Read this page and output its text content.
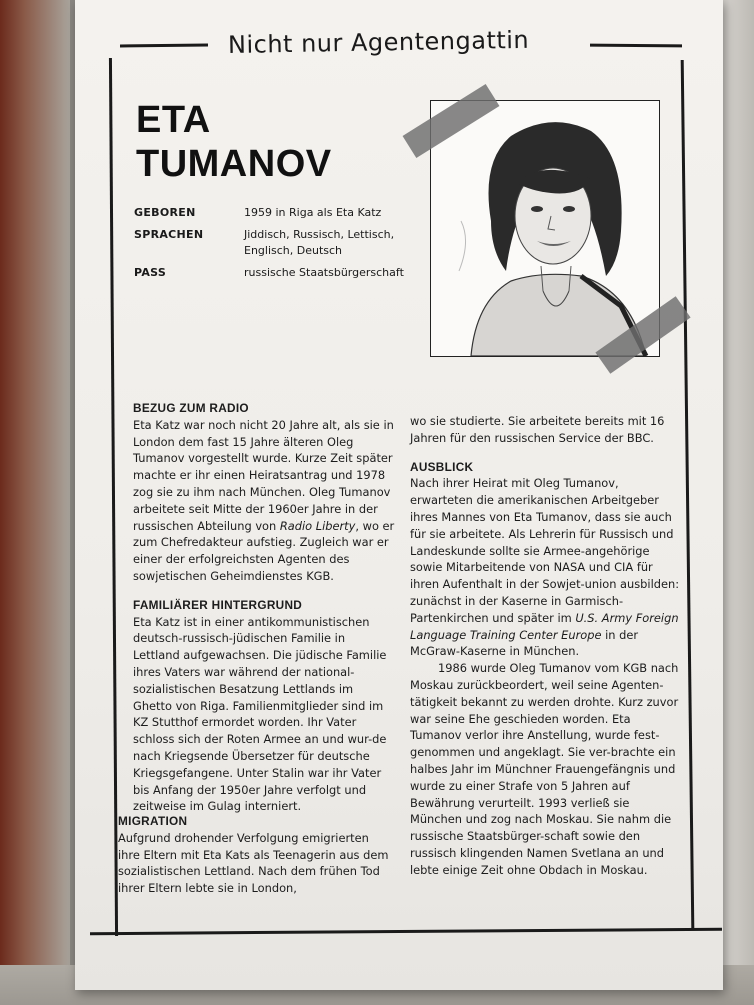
Nicht nur Agentengattin
ETA
TUMANOV
GEBOREN	1959 in Riga als Eta Katz
SPRACHEN	Jiddisch, Russisch, Lettisch, Englisch, Deutsch
PASS	russische Staatsbürgerschaft
BEZUG ZUM RADIO

Eta Katz war noch nicht 20 Jahre alt, als sie in London dem fast 15 Jahre älteren Oleg Tumanov vorgestellt wurde. Kurze Zeit später machte er ihr einen Heiratsantrag und 1978 zog sie zu ihm nach München. Oleg Tumanov arbeitete seit Mitte der 1960er Jahre in der russischen Abteilung von Radio Liberty, wo er zum Chefredakteur aufstieg. Zugleich war er einer der erfolgreichsten Agenten des sowjetischen Geheimdienstes KGB.

FAMILIÄRER HINTERGRUND

Eta Katz ist in einer antikommunistischen deutsch-russisch-jüdischen Familie in Lettland aufgewachsen. Die jüdische Familie ihres Vaters war während der national-sozialistischen Besatzung Lettlands im Ghetto von Riga. Familienmitglieder sind im KZ Stutthof ermordet worden. Ihr Vater schloss sich der Roten Armee an und wur-de nach Kriegsende Übersetzer für deutsche Kriegsgefangene. Unter Stalin war ihr Vater bis Anfang der 1950er Jahre verfolgt und zeitweise im Gulag interniert.

MIGRATION

Aufgrund drohender Verfolgung emigrierten ihre Eltern mit Eta Kats als Teenagerin aus dem sozialistischen Lettland. Nach dem frühen Tod ihrer Eltern lebte sie in London,

wo sie studierte. Sie arbeitete bereits mit 16 Jahren für den russischen Service der BBC.

AUSBLICK

Nach ihrer Heirat mit Oleg Tumanov, erwarteten die amerikanischen Arbeitgeber ihres Mannes von Eta Tumanov, dass sie auch für sie arbeitete. Als Lehrerin für Russisch und Landeskunde sollte sie Armee-angehörige sowie Mitarbeitende von NASA und CIA für ihren Aufenthalt in der Sowjet-union ausbilden: zunächst in der Kaserne in Garmisch-Partenkirchen und später im U.S. Army Foreign Language Training Center Europe in der McGraw-Kaserne in München.

1986 wurde Oleg Tumanov vom KGB nach Moskau zurückbeordert, weil seine Agenten-tätigkeit bekannt zu werden drohte. Kurz zuvor war seine Ehe geschieden worden. Eta Tumanov verlor ihre Anstellung, wurde fest-genommen und angeklagt. Sie ver-brachte ein halbes Jahr im Münchner Frauengefängnis und wurde zu einer Strafe von 5 Jahren auf Bewährung verurteilt. 1993 verließ sie München und zog nach Moskau. Sie nahm die russische Staatsbürger-schaft sowie den russisch klingenden Namen Svetlana an und lebte einige Zeit ohne Obdach in Moskau.
